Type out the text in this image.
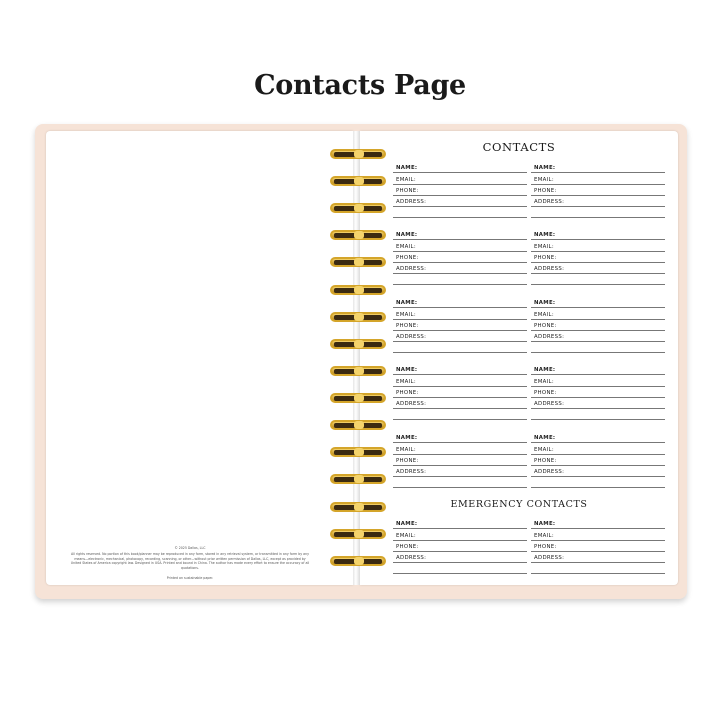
Contacts Page
© 2025 Dallas, LLC
All rights reserved. No portion of this book/planner may be reproduced in any form, stored in any retrieval system, or transmitted in any form by any means—electronic, mechanical, photocopy, recording, scanning, or other—without prior written permission of Dallas, LLC, except as provided by United States of America copyright law. Designed in USA. Printed and bound in China. The author has made every effort to ensure the accuracy of all quotations.
Printed on sustainable paper.
CONTACTS
EMERGENCY CONTACTS
NAME:
EMAIL:
PHONE:
ADDRESS:
NAME:
EMAIL:
PHONE:
ADDRESS:
NAME:
EMAIL:
PHONE:
ADDRESS:
NAME:
EMAIL:
PHONE:
ADDRESS:
NAME:
EMAIL:
PHONE:
ADDRESS:
NAME:
EMAIL:
PHONE:
ADDRESS:
NAME:
EMAIL:
PHONE:
ADDRESS:
NAME:
EMAIL:
PHONE:
ADDRESS:
NAME:
EMAIL:
PHONE:
ADDRESS:
NAME:
EMAIL:
PHONE:
ADDRESS:
NAME:
EMAIL:
PHONE:
ADDRESS:
NAME:
EMAIL:
PHONE:
ADDRESS:
